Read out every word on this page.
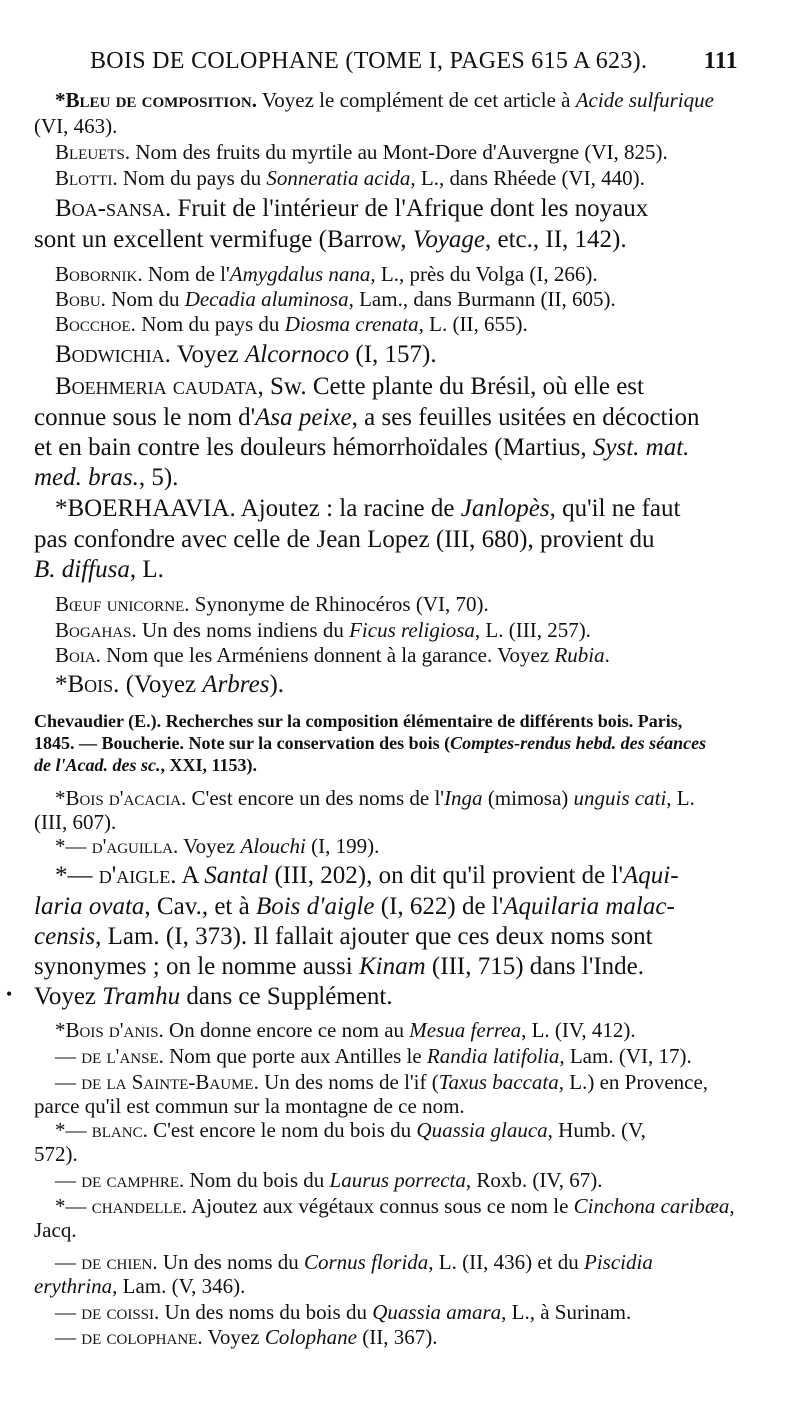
BOIS DE COLOPHANE (TOME I, PAGES 615 A 623). 111
*Bleu de composition. Voyez le complément de cet article à Acide sulfurique
(VI, 463).
Bleuets. Nom des fruits du myrtile au Mont-Dore d'Auvergne (VI, 825).
Blotti. Nom du pays du Sonneratia acida, L., dans Rhéede (VI, 440).
Boa-sansa. Fruit de l'intérieur de l'Afrique dont les noyaux
sont un excellent vermifuge (Barrow, Voyage, etc., II, 142).
Bobornik. Nom de l'Amygdalus nana, L., près du Volga (I, 266).
Bobu. Nom du Decadia aluminosa, Lam., dans Burmann (II, 605).
Bocchoe. Nom du pays du Diosma crenata, L. (II, 655).
Bodwichia. Voyez Alcornoco (I, 157).
Boehmeria caudata, Sw. Cette plante du Brésil, où elle est
connue sous le nom d'Asa peixe, a ses feuilles usitées en décoction
et en bain contre les douleurs hémorrhoïdales (Martius, Syst. mat.
med. bras., 5).
*BOERHAAVIA. Ajoutez : la racine de Janlopès, qu'il ne faut
pas confondre avec celle de Jean Lopez (III, 680), provient du
B. diffusa, L.
Bœuf unicorne. Synonyme de Rhinocéros (VI, 70).
Bogahas. Un des noms indiens du Ficus religiosa, L. (III, 257).
Boia. Nom que les Arméniens donnent à la garance. Voyez Rubia.
*Bois. (Voyez Arbres).
Chevaudier (E.). Recherches sur la composition élémentaire de différents bois. Paris,
1845. — Boucherie. Note sur la conservation des bois (Comptes-rendus hebd. des séances
de l'Acad. des sc., XXI, 1153).
*Bois d'acacia. C'est encore un des noms de l'Inga (mimosa) unguis cati, L.
(III, 607).
*— d'aguilla. Voyez Alouchi (I, 199).
*— d'aigle. A Santal (III, 202), on dit qu'il provient de l'Aqui-
laria ovata, Cav., et à Bois d'aigle (I, 622) de l'Aquilaria malac-
censis, Lam. (I, 373). Il fallait ajouter que ces deux noms sont
synonymes ; on le nomme aussi Kinam (III, 715) dans l'Inde.
• Voyez Tramhu dans ce Supplément.
*Bois d'anis. On donne encore ce nom au Mesua ferrea, L. (IV, 412).
— de l'anse. Nom que porte aux Antilles le Randia latifolia, Lam. (VI, 17).
— de la Sainte-Baume. Un des noms de l'if (Taxus baccata, L.) en Provence,
parce qu'il est commun sur la montagne de ce nom.
*— blanc. C'est encore le nom du bois du Quassia glauca, Humb. (V,
572).
— de camphre. Nom du bois du Laurus porrecta, Roxb. (IV, 67).
*— chandelle. Ajoutez aux végétaux connus sous ce nom le Cinchona caribæa,
Jacq.
— de chien. Un des noms du Cornus florida, L. (II, 436) et du Piscidia
erythrina, Lam. (V, 346).
— de coissi. Un des noms du bois du Quassia amara, L., à Surinam.
— de colophane. Voyez Colophane (II, 367).
